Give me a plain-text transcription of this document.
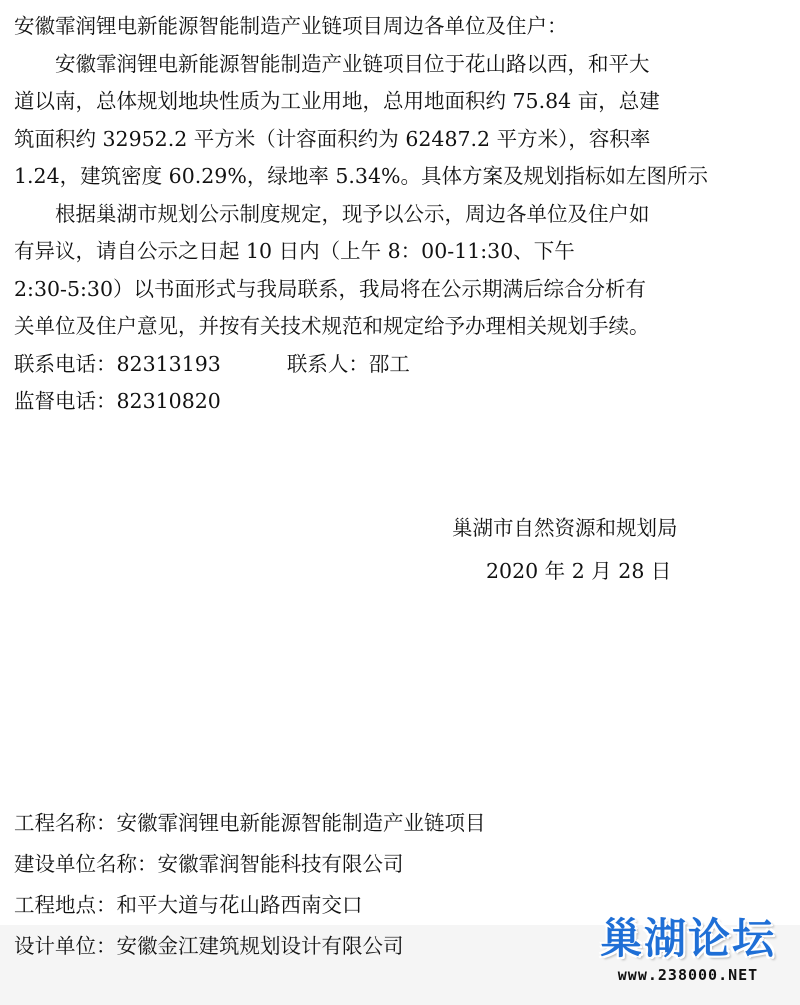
安徽霏润锂电新能源智能制造产业链项目周边各单位及住户：
安徽霏润锂电新能源智能制造产业链项目位于花山路以西，和平大
道以南，总体规划地块性质为工业用地，总用地面积约 75.84 亩，总建
筑面积约 32952.2 平方米（计容面积约为 62487.2 平方米），容积率
1.24，建筑密度 60.29%，绿地率 5.34%。具体方案及规划指标如左图所示
根据巢湖市规划公示制度规定，现予以公示，周边各单位及住户如
有异议，请自公示之日起 10 日内（上午 8：00-11:30、下午
2:30-5:30）以书面形式与我局联系，我局将在公示期满后综合分析有
关单位及住户意见，并按有关技术规范和规定给予办理相关规划手续。
联系电话：82313193	联系人：邵工
监督电话：82310820
巢湖市自然资源和规划局
2020 年 2 月 28 日
工程名称：安徽霏润锂电新能源智能制造产业链项目
建设单位名称：安徽霏润智能科技有限公司
工程地点：和平大道与花山路西南交口
设计单位：安徽金江建筑规划设计有限公司	巢湖论坛
www.238000.NET
